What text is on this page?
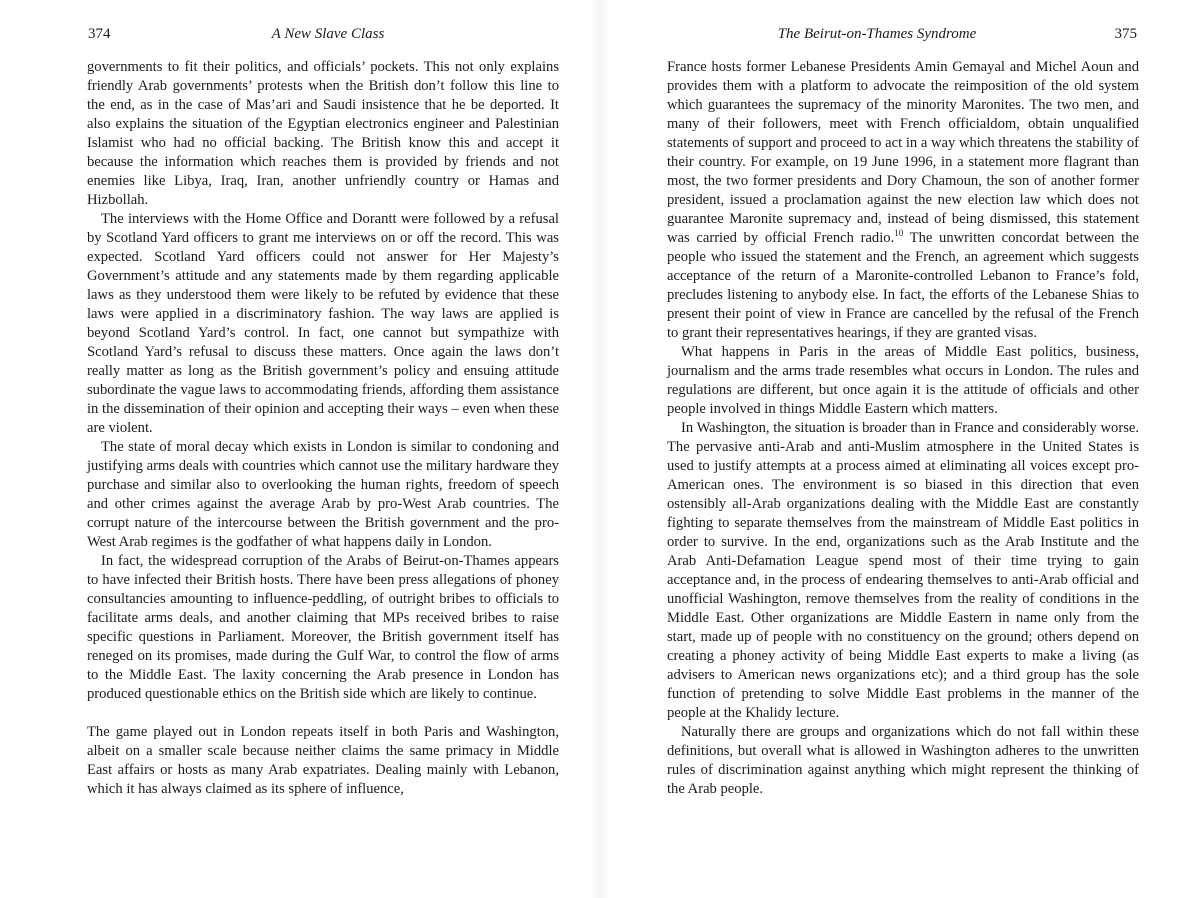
374	A New Slave Class

governments to fit their politics, and officials’ pockets. This not only explains friendly Arab governments’ protests when the British don’t follow this line to the end, as in the case of Mas’ari and Saudi insistence that he be deported. It also explains the situation of the Egyptian electronics engineer and Palestinian Islamist who had no official backing. The British know this and accept it because the information which reaches them is provided by friends and not enemies like Libya, Iraq, Iran, another unfriendly country or Hamas and Hizbollah.

The interviews with the Home Office and Dorantt were followed by a refusal by Scotland Yard officers to grant me interviews on or off the record. This was expected. Scotland Yard officers could not answer for Her Majesty’s Government’s attitude and any statements made by them regarding applicable laws as they understood them were likely to be refuted by evidence that these laws were applied in a discriminatory fashion. The way laws are applied is beyond Scotland Yard’s control. In fact, one cannot but sympathize with Scotland Yard’s refusal to discuss these matters. Once again the laws don’t really matter as long as the British government’s policy and ensuing attitude subordinate the vague laws to accommodating friends, affording them assistance in the dissemination of their opinion and accepting their ways – even when these are violent.

The state of moral decay which exists in London is similar to condoning and justifying arms deals with countries which cannot use the military hardware they purchase and similar also to overlooking the human rights, freedom of speech and other crimes against the average Arab by pro-West Arab countries. The corrupt nature of the intercourse between the British government and the pro-West Arab regimes is the godfather of what happens daily in London.

In fact, the widespread corruption of the Arabs of Beirut-on-Thames appears to have infected their British hosts. There have been press allegations of phoney consultancies amounting to influence-peddling, of outright bribes to officials to facilitate arms deals, and another claiming that MPs received bribes to raise specific questions in Parliament. Moreover, the British government itself has reneged on its promises, made during the Gulf War, to control the flow of arms to the Middle East. The laxity concerning the Arab presence in London has produced questionable ethics on the British side which are likely to continue.

The game played out in London repeats itself in both Paris and Washington, albeit on a smaller scale because neither claims the same primacy in Middle East affairs or hosts as many Arab expatriates. Dealing mainly with Lebanon, which it has always claimed as its sphere of influence,

The Beirut-on-Thames Syndrome	375

France hosts former Lebanese Presidents Amin Gemayal and Michel Aoun and provides them with a platform to advocate the reimposition of the old system which guarantees the supremacy of the minority Maronites. The two men, and many of their followers, meet with French officialdom, obtain unqualified statements of support and proceed to act in a way which threatens the stability of their country. For example, on 19 June 1996, in a statement more flagrant than most, the two former presidents and Dory Chamoun, the son of another former president, issued a proclamation against the new election law which does not guarantee Maronite supremacy and, instead of being dismissed, this statement was carried by official French radio.$^{10}$ The unwritten concordat between the people who issued the statement and the French, an agreement which suggests acceptance of the return of a Maronite-controlled Lebanon to France’s fold, precludes listening to anybody else. In fact, the efforts of the Lebanese Shias to present their point of view in France are cancelled by the refusal of the French to grant their representatives hearings, if they are granted visas.

What happens in Paris in the areas of Middle East politics, business, journalism and the arms trade resembles what occurs in London. The rules and regulations are different, but once again it is the attitude of officials and other people involved in things Middle Eastern which matters.

In Washington, the situation is broader than in France and considerably worse. The pervasive anti-Arab and anti-Muslim atmosphere in the United States is used to justify attempts at a process aimed at eliminating all voices except pro-American ones. The environment is so biased in this direction that even ostensibly all-Arab organizations dealing with the Middle East are constantly fighting to separate themselves from the mainstream of Middle East politics in order to survive. In the end, organizations such as the Arab Institute and the Arab Anti-Defamation League spend most of their time trying to gain acceptance and, in the process of endearing themselves to anti-Arab official and unofficial Washington, remove themselves from the reality of conditions in the Middle East. Other organizations are Middle Eastern in name only from the start, made up of people with no constituency on the ground; others depend on creating a phoney activity of being Middle East experts to make a living (as advisers to American news organizations etc); and a third group has the sole function of pretending to solve Middle East problems in the manner of the people at the Khalidy lecture.

Naturally there are groups and organizations which do not fall within these definitions, but overall what is allowed in Washington adheres to the unwritten rules of discrimination against anything which might represent the thinking of the Arab people.
